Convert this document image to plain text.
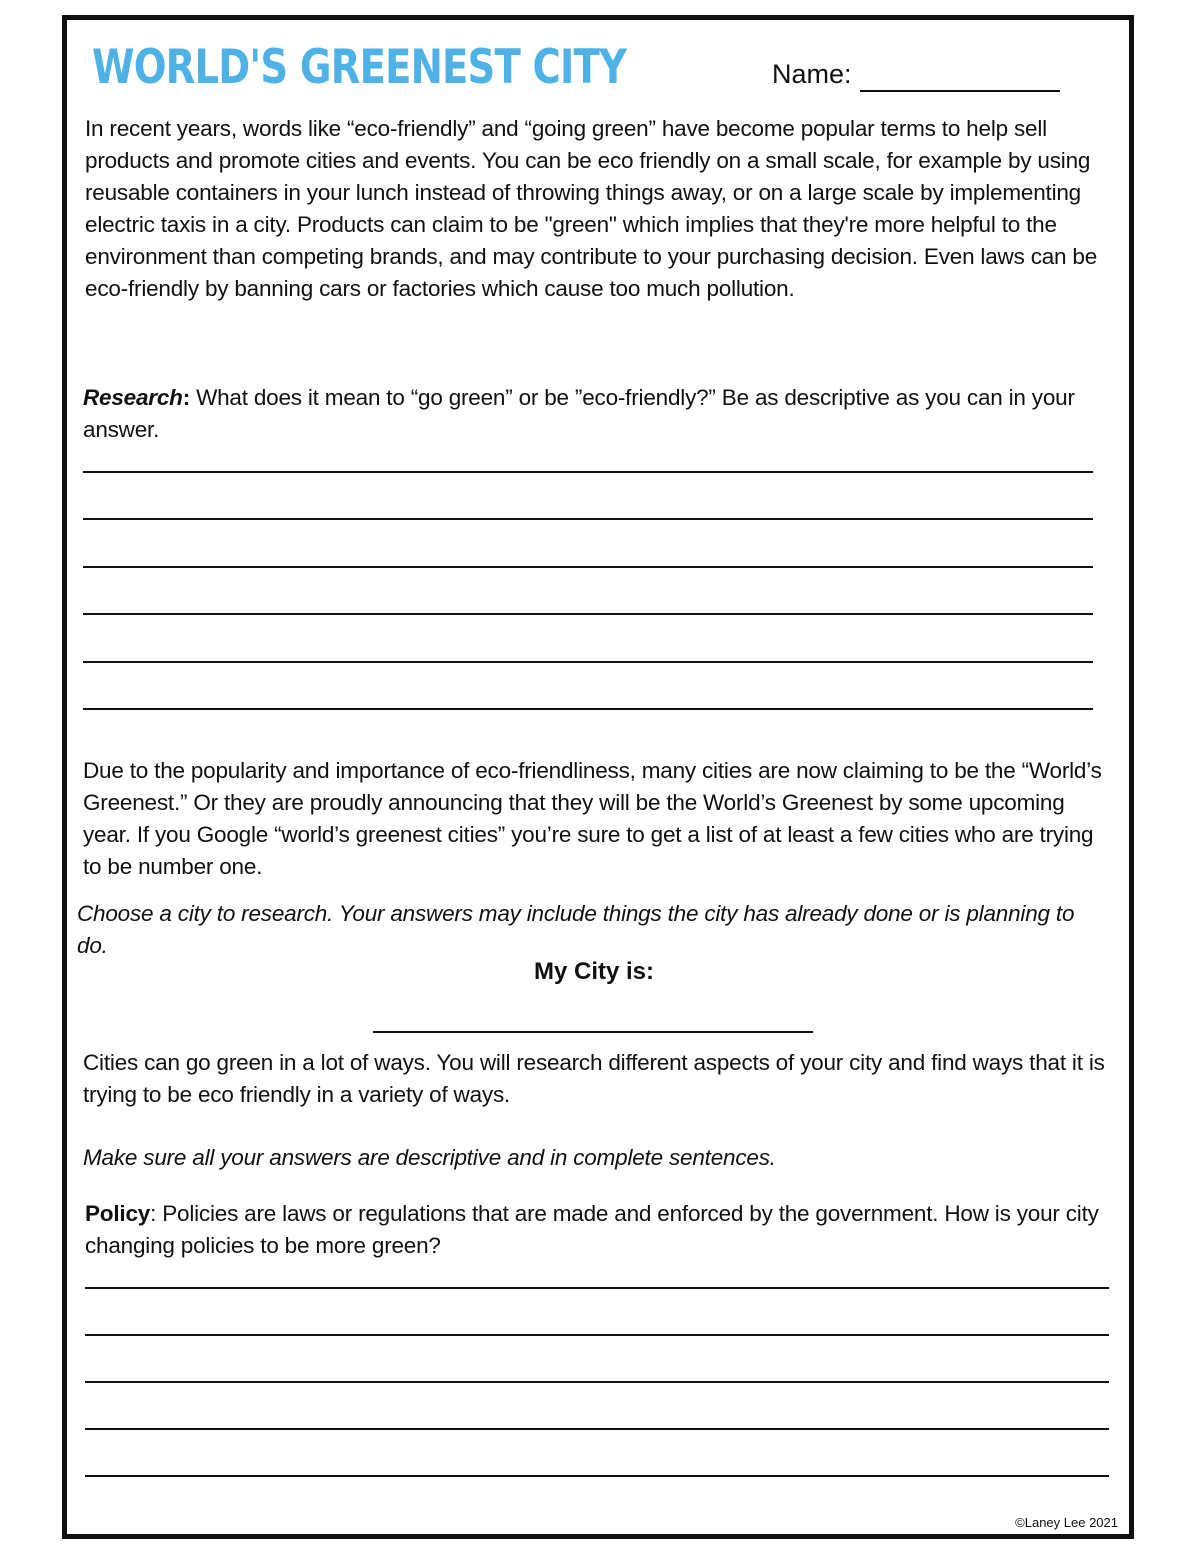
WORLD'S GREENEST CITY	Name:

In recent years, words like “eco-friendly” and “going green” have become popular terms to help sell products and promote cities and events. You can be eco friendly on a small scale, for example by using reusable containers in your lunch instead of throwing things away, or on a large scale by implementing electric taxis in a city. Products can claim to be "green" which implies that they're more helpful to the environment than competing brands, and may contribute to your purchasing decision. Even laws can be eco-friendly by banning cars or factories which cause too much pollution.

Research: What does it mean to “go green” or be ”eco-friendly?” Be as descriptive as you can in your answer.

Due to the popularity and importance of eco-friendliness, many cities are now claiming to be the “World’s Greenest.” Or they are proudly announcing that they will be the World’s Greenest by some upcoming year. If you Google “world’s greenest cities” you’re sure to get a list of at least a few cities who are trying to be number one.

Choose a city to research. Your answers may include things the city has already done or is planning to do.

My City is:

Cities can go green in a lot of ways. You will research different aspects of your city and find ways that it is trying to be eco friendly in a variety of ways.

Make sure all your answers are descriptive and in complete sentences.

Policy: Policies are laws or regulations that are made and enforced by the government. How is your city changing policies to be more green?

©Laney Lee 2021
